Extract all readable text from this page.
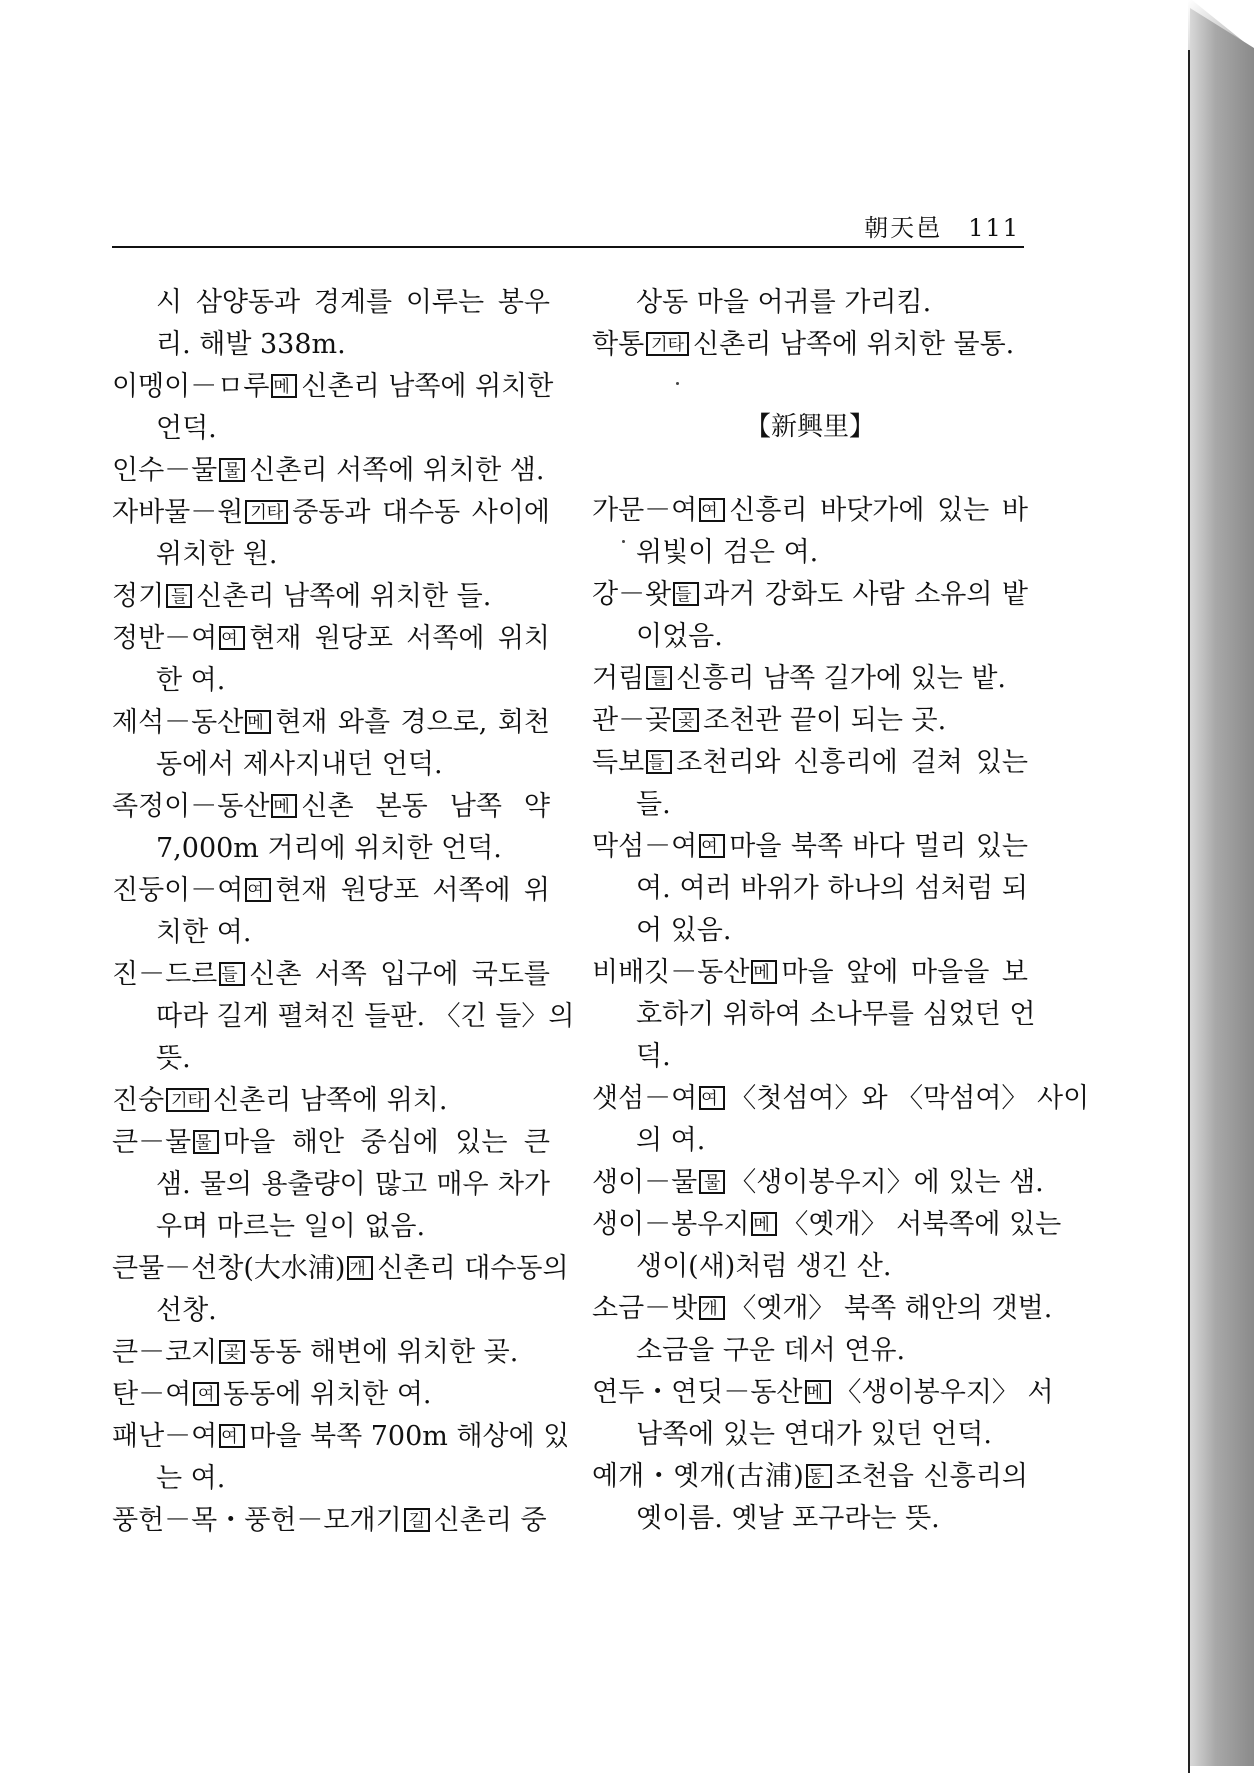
朝天邑 111
시 삼양동과 경계를 이루는 봉우
리. 해발 338m.
이멩이－ㅁ루 메 신촌리 남쪽에 위치한
언덕.
인수－물 물 신촌리 서쪽에 위치한 샘.
자바물－원 기타 중동과 대수동 사이에
위치한 원.
정기 들 신촌리 남쪽에 위치한 들.
정반－여 여 현재 원당포 서쪽에 위치
한 여.
제석－동산 메 현재 와흘 경으로, 회천
동에서 제사지내던 언덕.
족정이－동산 메 신촌 본동 남쪽 약
7,000m 거리에 위치한 언덕.
진둥이－여 여 현재 원당포 서쪽에 위
치한 여.
진－드르 들 신촌 서쪽 입구에 국도를
따라 길게 펼쳐진 들판. 〈긴 들〉의
뜻.
진숭 기타 신촌리 남쪽에 위치.
큰－물 물 마을 해안 중심에 있는 큰
샘. 물의 용출량이 많고 매우 차가
우며 마르는 일이 없음.
큰물－선창(大水浦) 개 신촌리 대수동의
선창.
큰－코지 곶 동동 해변에 위치한 곶.
탄－여 여 동동에 위치한 여.
패난－여 여 마을 북쪽 700m 해상에 있
는 여.
풍헌－목・풍헌－모개기 길 신촌리 중
상동 마을 어귀를 가리킴.
학통 기타 신촌리 남쪽에 위치한 물통.
【新興里】
가문－여 여 신흥리 바닷가에 있는 바
위빛이 검은 여.
강－왓 들 과거 강화도 사람 소유의 밭
이었음.
거림 들 신흥리 남쪽 길가에 있는 밭.
관－곶 곶 조천관 끝이 되는 곳.
득보 들 조천리와 신흥리에 걸쳐 있는
들.
막섬－여 여 마을 북쪽 바다 멀리 있는
여. 여러 바위가 하나의 섬처럼 되
어 있음.
비배깃－동산 메 마을 앞에 마을을 보
호하기 위하여 소나무를 심었던 언
덕.
샛섬－여 여 〈첫섬여〉와 〈막섬여〉 사이
의 여.
생이－물 물 〈생이봉우지〉에 있는 샘.
생이－봉우지 메 〈옛개〉 서북쪽에 있는
생이(새)처럼 생긴 산.
소금－밧 개 〈옛개〉 북쪽 해안의 갯벌.
소금을 구운 데서 연유.
연두・연딧－동산 메 〈생이봉우지〉 서
남쪽에 있는 연대가 있던 언덕.
예개・옛개(古浦) 동 조천읍 신흥리의
옛이름. 옛날 포구라는 뜻.
